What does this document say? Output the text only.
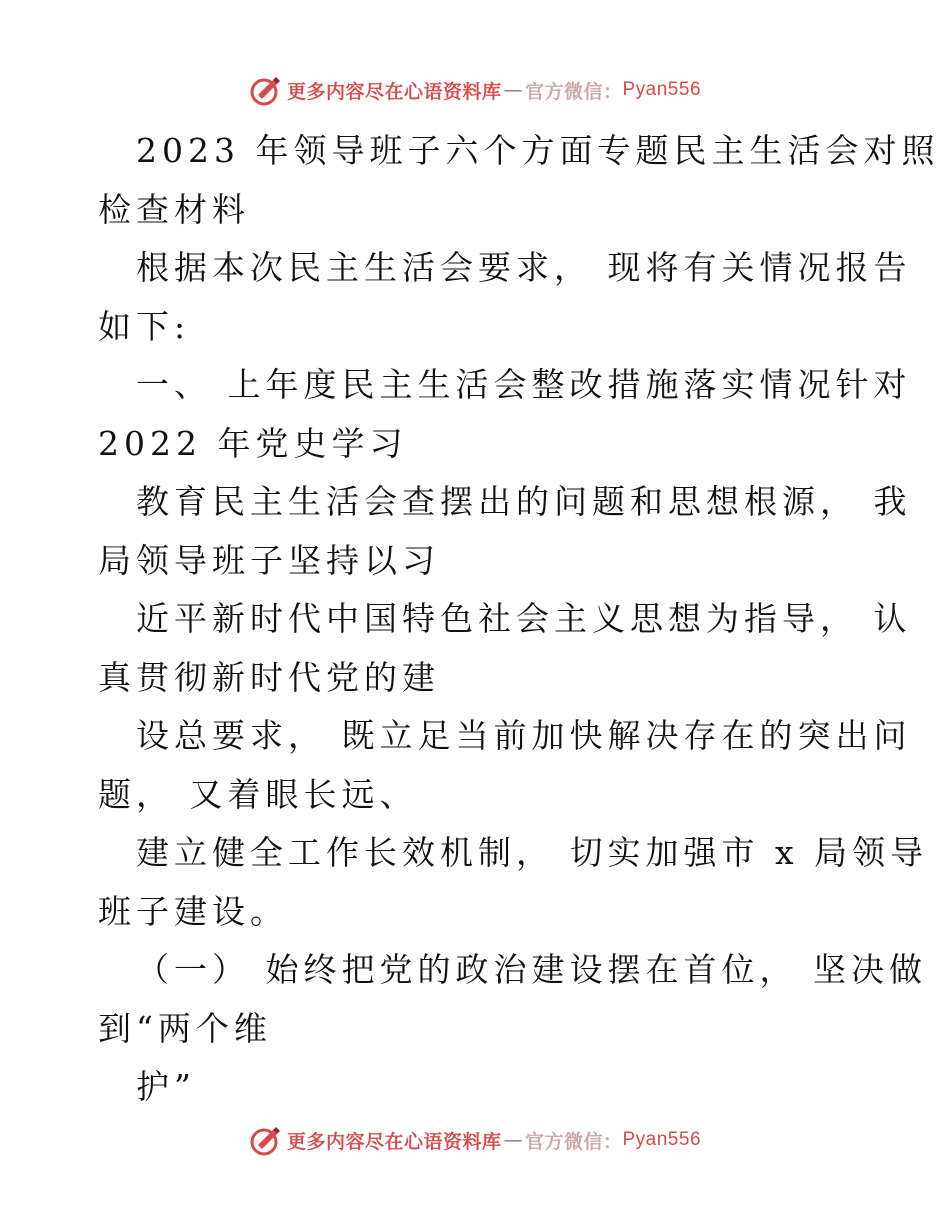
更多内容尽在心语资料库 — 官方微信： Pyan556
2023 年领导班子六个方面专题民主生活会对照
检查材料
根据本次民主生活会要求， 现将有关情况报告
如下:
一、 上年度民主生活会整改措施落实情况针对
2022 年党史学习
教育民主生活会查摆出的问题和思想根源， 我
局领导班子坚持以习
近平新时代中国特色社会主义思想为指导， 认
真贯彻新时代党的建
设总要求， 既立足当前加快解决存在的突出问
题， 又着眼长远、
建立健全工作长效机制， 切实加强市 x 局领导
班子建设。
（一） 始终把党的政治建设摆在首位， 坚决做
到“两个维
护”
更多内容尽在心语资料库 — 官方微信： Pyan556
